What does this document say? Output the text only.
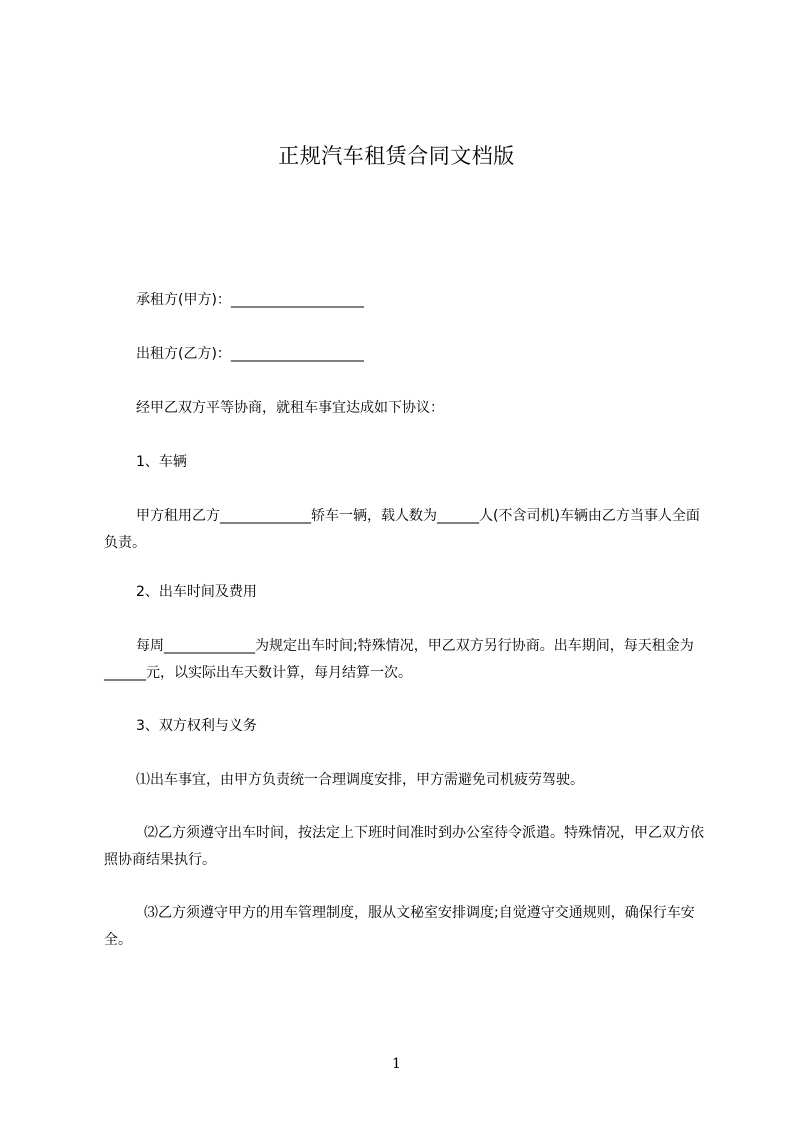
正规汽车租赁合同文档版
承租方(甲方)：___________________
出租方(乙方)：___________________
经甲乙双方平等协商，就租车事宜达成如下协议：
1、车辆
甲方租用乙方_____________轿车一辆，载人数为______人(不含司机)车辆由乙方当事人全面负责。
2、出车时间及费用
每周_____________为规定出车时间;特殊情况，甲乙双方另行协商。出车期间，每天租金为______元，以实际出车天数计算，每月结算一次。
3、双方权利与义务
⑴出车事宜，由甲方负责统一合理调度安排，甲方需避免司机疲劳驾驶。
⑵乙方须遵守出车时间，按法定上下班时间准时到办公室待令派遣。特殊情况，甲乙双方依照协商结果执行。
⑶乙方须遵守甲方的用车管理制度，服从文秘室安排调度;自觉遵守交通规则，确保行车安全。
1
